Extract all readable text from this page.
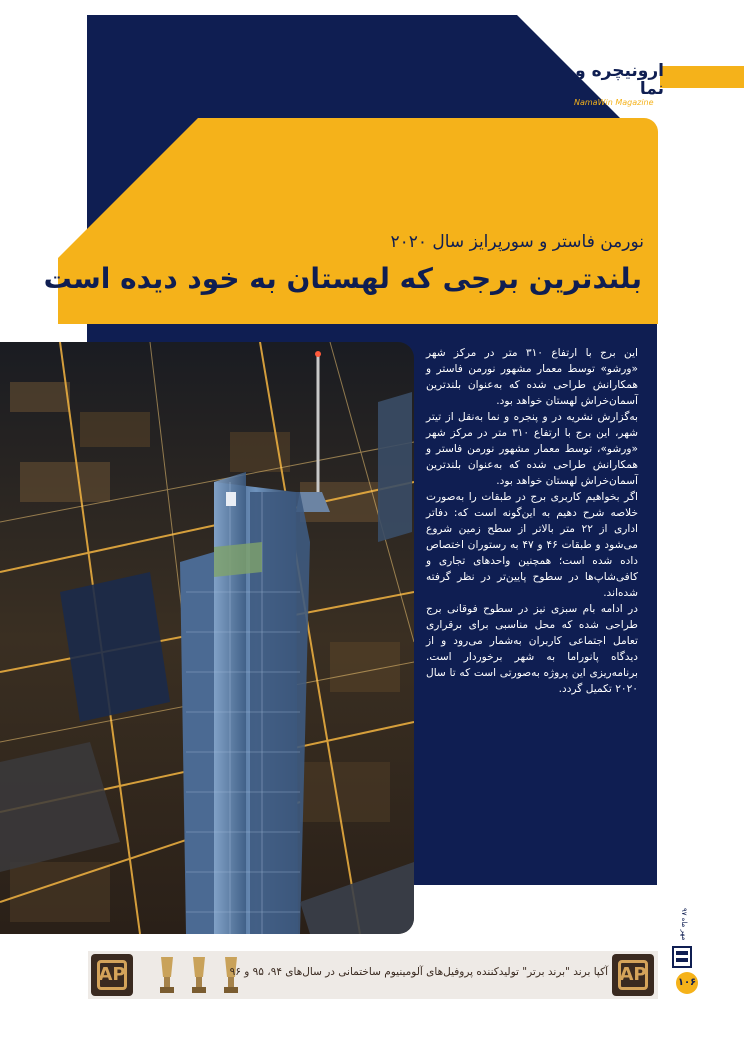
ارونیچره و نما
NamaWin Magazine
نورمن فاستر و سورپرایز سال ۲۰۲۰
بلندترین برجی که لهستان به خود دیده است

این برج با ارتفاع ۳۱۰ متر در مرکز شهر «ورشو» توسط معمار مشهور نورمن فاستر و همکارانش طراحی شده که به‌عنوان بلندترین آسمان‌خراش لهستان خواهد بود.

به‌گزارش نشریه در و پنجره و نما به‌نقل از تیتر شهر، این برج با ارتفاع ۳۱۰ متر در مرکز شهر «ورشو»، توسط معمار مشهور نورمن فاستر و همکارانش طراحی شده که به‌عنوان بلندترین آسمان‌خراش لهستان خواهد بود.

اگر بخواهیم کاربری برج در طبقات را به‌صورت خلاصه شرح دهیم به این‌گونه است که: دفاتر اداری از ۲۲ متر بالاتر از سطح زمین شروع می‌شود و طبقات ۴۶ و ۴۷ به رستوران اختصاص داده شده است؛ همچنین واحدهای تجاری و کافی‌شاپ‌ها در سطوح پایین‌تر در نظر گرفته شده‌اند.

در ادامه بام سبزی نیز در سطوح فوقانی برج طراحی شده که محل مناسبی برای برقراری تعامل اجتماعی کاربران به‌شمار می‌رود و از دیدگاه پانوراما به شهر برخوردار است. برنامه‌ریزی این پروژه به‌صورتی است که تا سال ۲۰۲۰ تکمیل گردد.

مهر ماه ۹۷
۱۰۶
AP	آکپا برند "برند برتر" تولیدکننده پروفیل‌های آلومینیوم ساختمانی در سال‌های ۹۴، ۹۵ و ۹۶ AP
